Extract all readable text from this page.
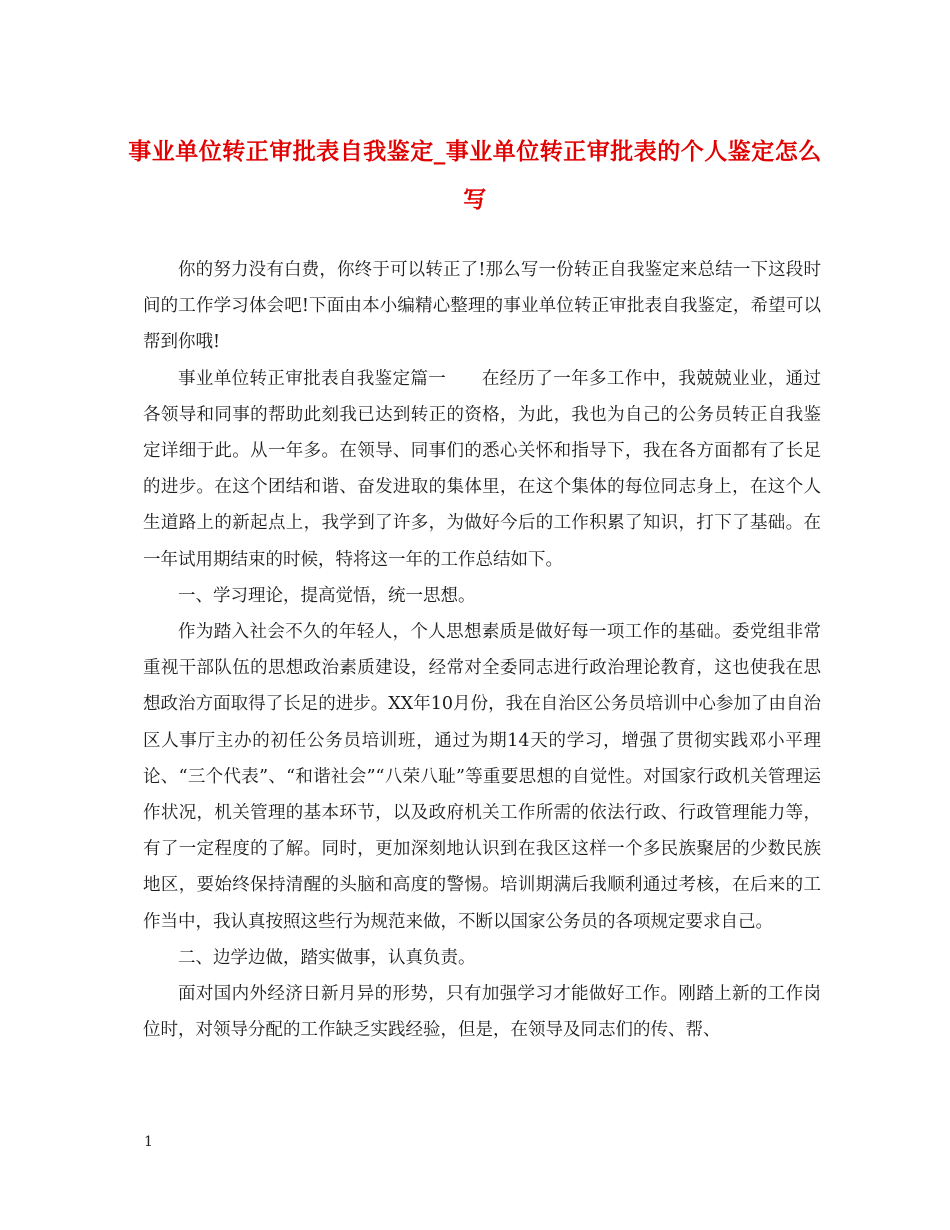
事业单位转正审批表自我鉴定_事业单位转正审批表的个人鉴定怎么写

你的努力没有白费，你终于可以转正了!那么写一份转正自我鉴定来总结一下这段时间的工作学习体会吧!下面由本小编精心整理的事业单位转正审批表自我鉴定，希望可以帮到你哦!

事业单位转正审批表自我鉴定篇一　　在经历了一年多工作中，我兢兢业业，通过各领导和同事的帮助此刻我已达到转正的资格，为此，我也为自己的公务员转正自我鉴定详细于此。从一年多。在领导、同事们的悉心关怀和指导下，我在各方面都有了长足的进步。在这个团结和谐、奋发进取的集体里，在这个集体的每位同志身上，在这个人生道路上的新起点上，我学到了许多，为做好今后的工作积累了知识，打下了基础。在一年试用期结束的时候，特将这一年的工作总结如下。

一、学习理论，提高觉悟，统一思想。

作为踏入社会不久的年轻人，个人思想素质是做好每一项工作的基础。委党组非常重视干部队伍的思想政治素质建设，经常对全委同志进行政治理论教育，这也使我在思想政治方面取得了长足的进步。XX年10月份，我在自治区公务员培训中心参加了由自治区人事厅主办的初任公务员培训班，通过为期14天的学习，增强了贯彻实践邓小平理论、“三个代表”、“和谐社会”“八荣八耻”等重要思想的自觉性。对国家行政机关管理运作状况，机关管理的基本环节，以及政府机关工作所需的依法行政、行政管理能力等，有了一定程度的了解。同时，更加深刻地认识到在我区这样一个多民族聚居的少数民族地区，要始终保持清醒的头脑和高度的警惕。培训期满后我顺利通过考核，在后来的工作当中，我认真按照这些行为规范来做，不断以国家公务员的各项规定要求自己。

二、边学边做，踏实做事，认真负责。

面对国内外经济日新月异的形势，只有加强学习才能做好工作。刚踏上新的工作岗位时，对领导分配的工作缺乏实践经验，但是，在领导及同志们的传、帮、

1
